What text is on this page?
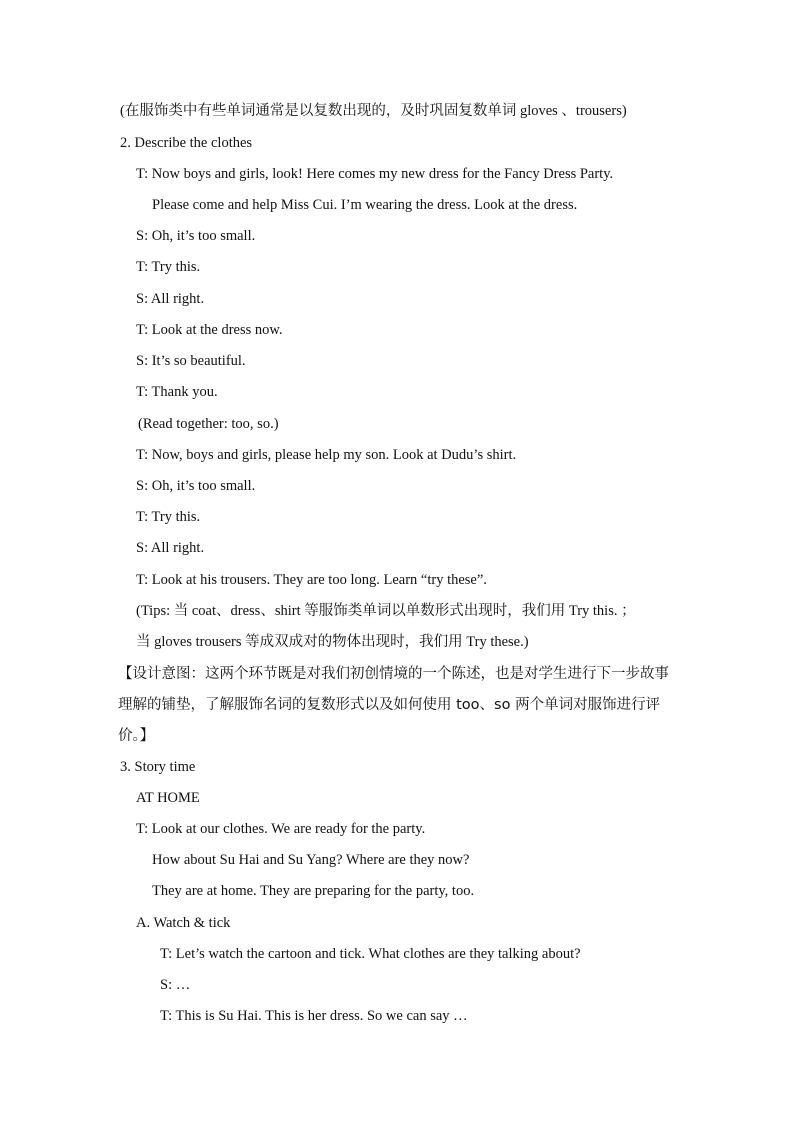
(在服饰类中有些单词通常是以复数出现的，及时巩固复数单词 gloves 、trousers)
2. Describe the clothes
T: Now boys and girls, look! Here comes my new dress for the Fancy Dress Party.
Please come and help Miss Cui. I’m wearing the dress. Look at the dress.
S: Oh, it’s too small.
T: Try this.
S: All right.
T: Look at the dress now.
S: It’s so beautiful.
T: Thank you.
(Read together: too, so.)
T: Now, boys and girls, please help my son. Look at Dudu’s shirt.
S: Oh, it’s too small.
T: Try this.
S: All right.
T: Look at his trousers. They are too long. Learn “try these”.
(Tips: 当 coat、dress、shirt 等服饰类单词以单数形式出现时，我们用 Try this. ；
当 gloves trousers 等成双成对的物体出现时，我们用 Try these.)
【设计意图：这两个环节既是对我们初创情境的一个陈述，也是对学生进行下一步故事理解的铺垫，了解服饰名词的复数形式以及如何使用 too、so 两个单词对服饰进行评价。】
3. Story time
AT HOME
T: Look at our clothes. We are ready for the party.
How about Su Hai and Su Yang? Where are they now?
They are at home. They are preparing for the party, too.
A. Watch & tick
T: Let’s watch the cartoon and tick. What clothes are they talking about?
S: …
T: This is Su Hai. This is her dress. So we can say …
